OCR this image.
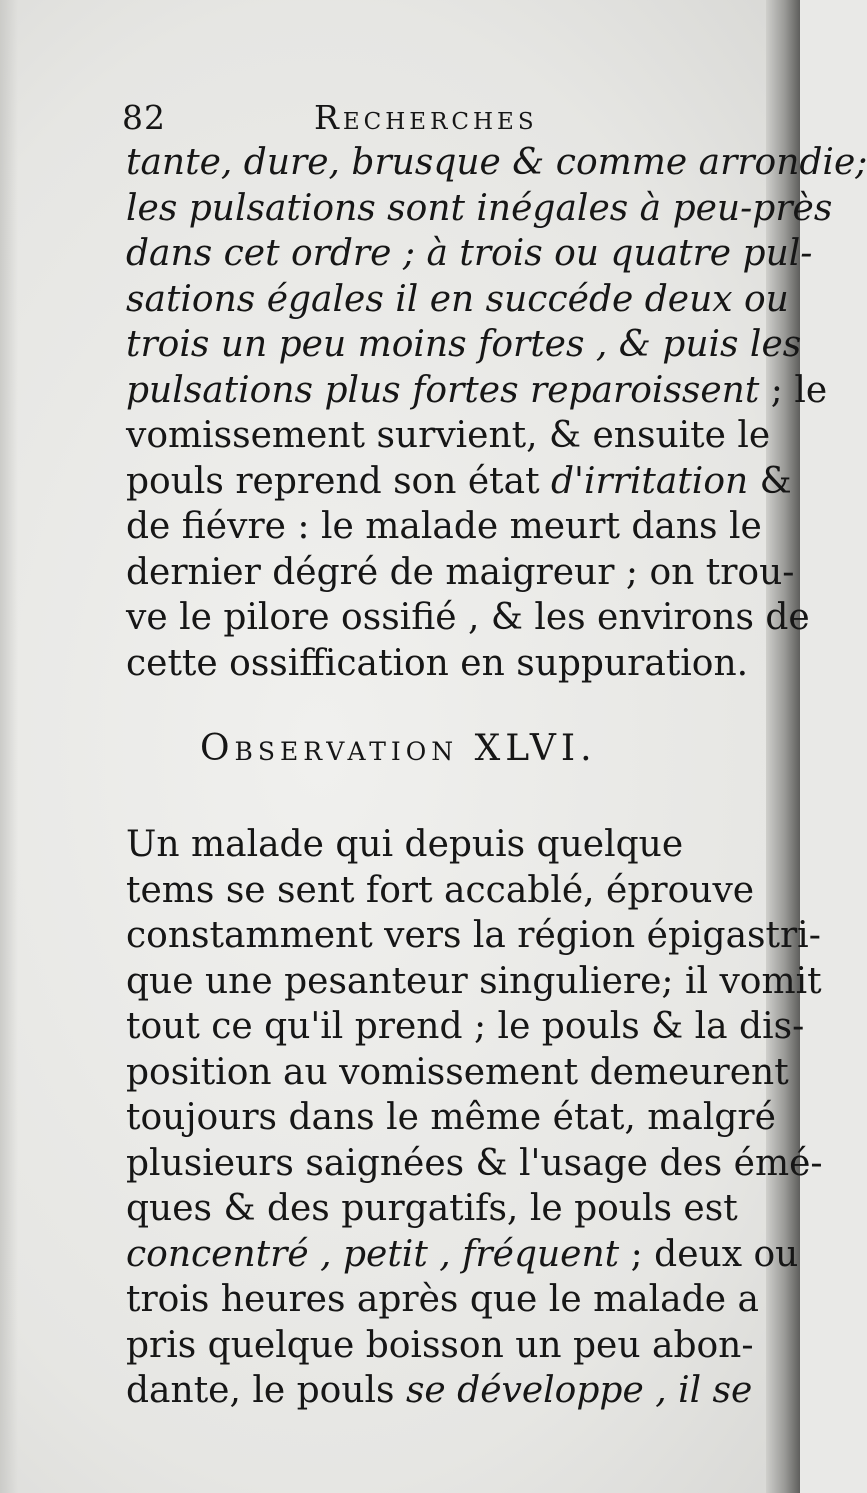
82	Recherches
tante, dure, brusque & comme arrondie;
les pulsations sont inégales à peu-près
dans cet ordre ; à trois ou quatre pul-
sations égales il en succéde deux ou
trois un peu moins fortes , & puis les
pulsations plus fortes reparoissent ; le
vomissement survient, & ensuite le
pouls reprend son état d'irritation &
de fiévre : le malade meurt dans le
dernier dégré de maigreur ; on trou-
ve le pilore ossifié , & les environs de
cette ossiffication en suppuration.
Observation XLVI.
Un malade qui depuis quelque
tems se sent fort accablé, éprouve
constamment vers la région épigastri-
que une pesanteur singuliere; il vomit
tout ce qu'il prend ; le pouls & la dis-
position au vomissement demeurent
toujours dans le même état, malgré
plusieurs saignées & l'usage des émé-
ques & des purgatifs, le pouls est
concentré , petit , fréquent ; deux ou
trois heures après que le malade a
pris quelque boisson un peu abon-
dante, le pouls se développe , il se
